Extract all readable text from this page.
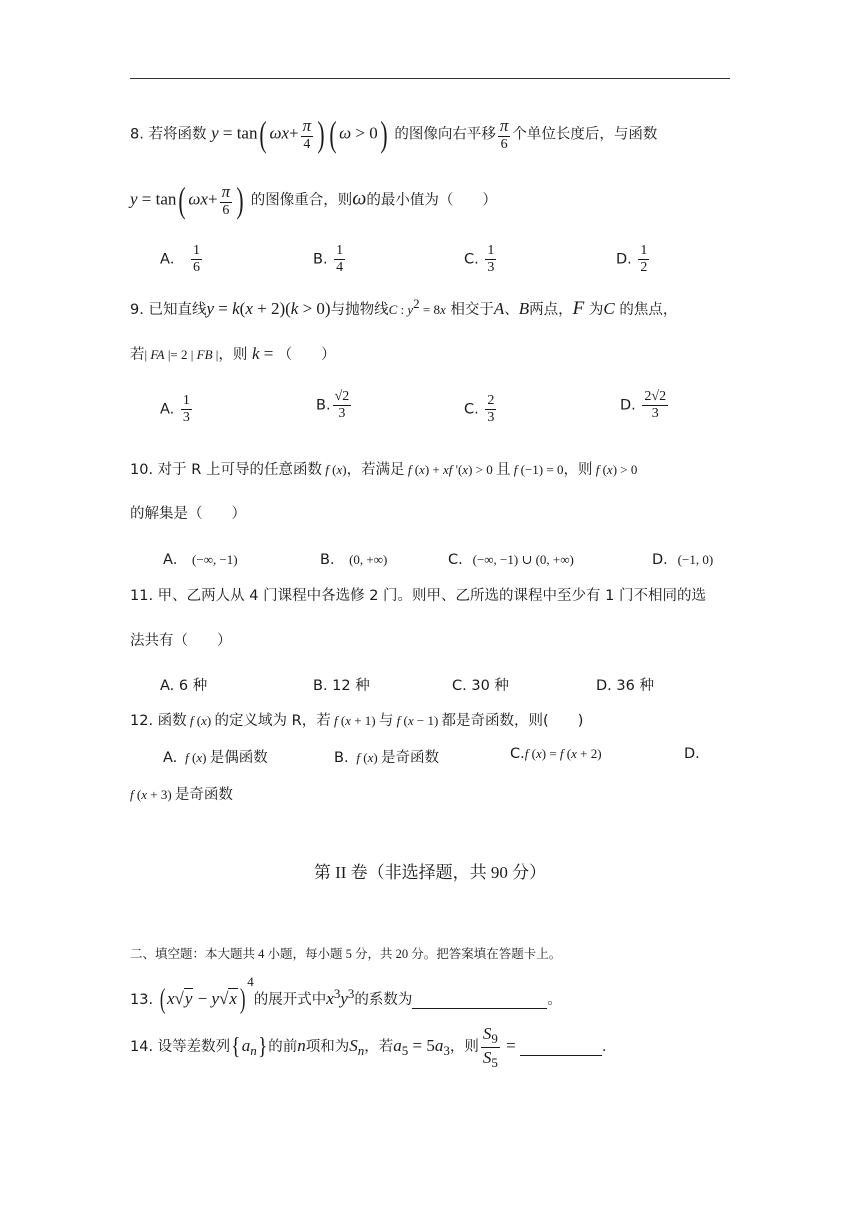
8. 若将函数 y = tan( $\omega x+ \frac{\pi}{4}$ ) ( ω > 0) 的图像向右平移 $\frac{\pi}{6}$ 个单位长度后，与函数
y = tan( $\omega x+ \frac{\pi}{6}$ ) 的图像重合，则ω的最小值为（　　）
A． $\frac{1}{6}$	B. $\frac{1}{4}$	C. $\frac{1}{3}$	D. $\frac{1}{2}$
9. 已知直线y = k(x + 2)(k > 0)与抛物线C : $y^2 = 8x$ 相交于A、B两点，F 为C 的焦点，
若| FA |= 2 | FB |，则 k = （　　）
A. $\frac{1}{3}$	B. $\frac{√2}{3}$	C. $\frac{2}{3}$	D. $\frac{2√2}{3}$
10. 对于 R 上可导的任意函数 f (x)，若满足 f (x) + xf '(x) > 0 且 f (−1) = 0，则 f (x) > 0
的解集是（　　）
A． (−∞, −1)	B． (0, +∞)	C．(−∞, −1) ∪ (0, +∞)	D．(−1, 0)
11. 甲、乙两人从 4 门课程中各选修 2 门。则甲、乙所选的课程中至少有 1 门不相同的选
法共有（　　）
A. 6 种	B. 12 种	C. 30 种	D. 36 种
12. 函数 f (x) 的定义域为 R，若 f (x + 1) 与 f (x − 1) 都是奇函数，则(　　)
A.  f (x) 是偶函数	B.  f (x) 是奇函数	C.f (x) = f (x + 2)	D.
f (x + 3) 是奇函数
第 II 卷（非选择题，共 90 分）
二、填空题：本大题共 4 小题，每小题 5 分，共 20 分。把答案填在答题卡上。
13. ( x√y − y√x )$^4$的展开式中$x^3y^3$的系数为	。
14. 设等差数列$\{a_n\}$的前n项和为$S_n$，若$a_5 = 5a_3$，则 $\frac{S_9}{S_5}$ =	.
